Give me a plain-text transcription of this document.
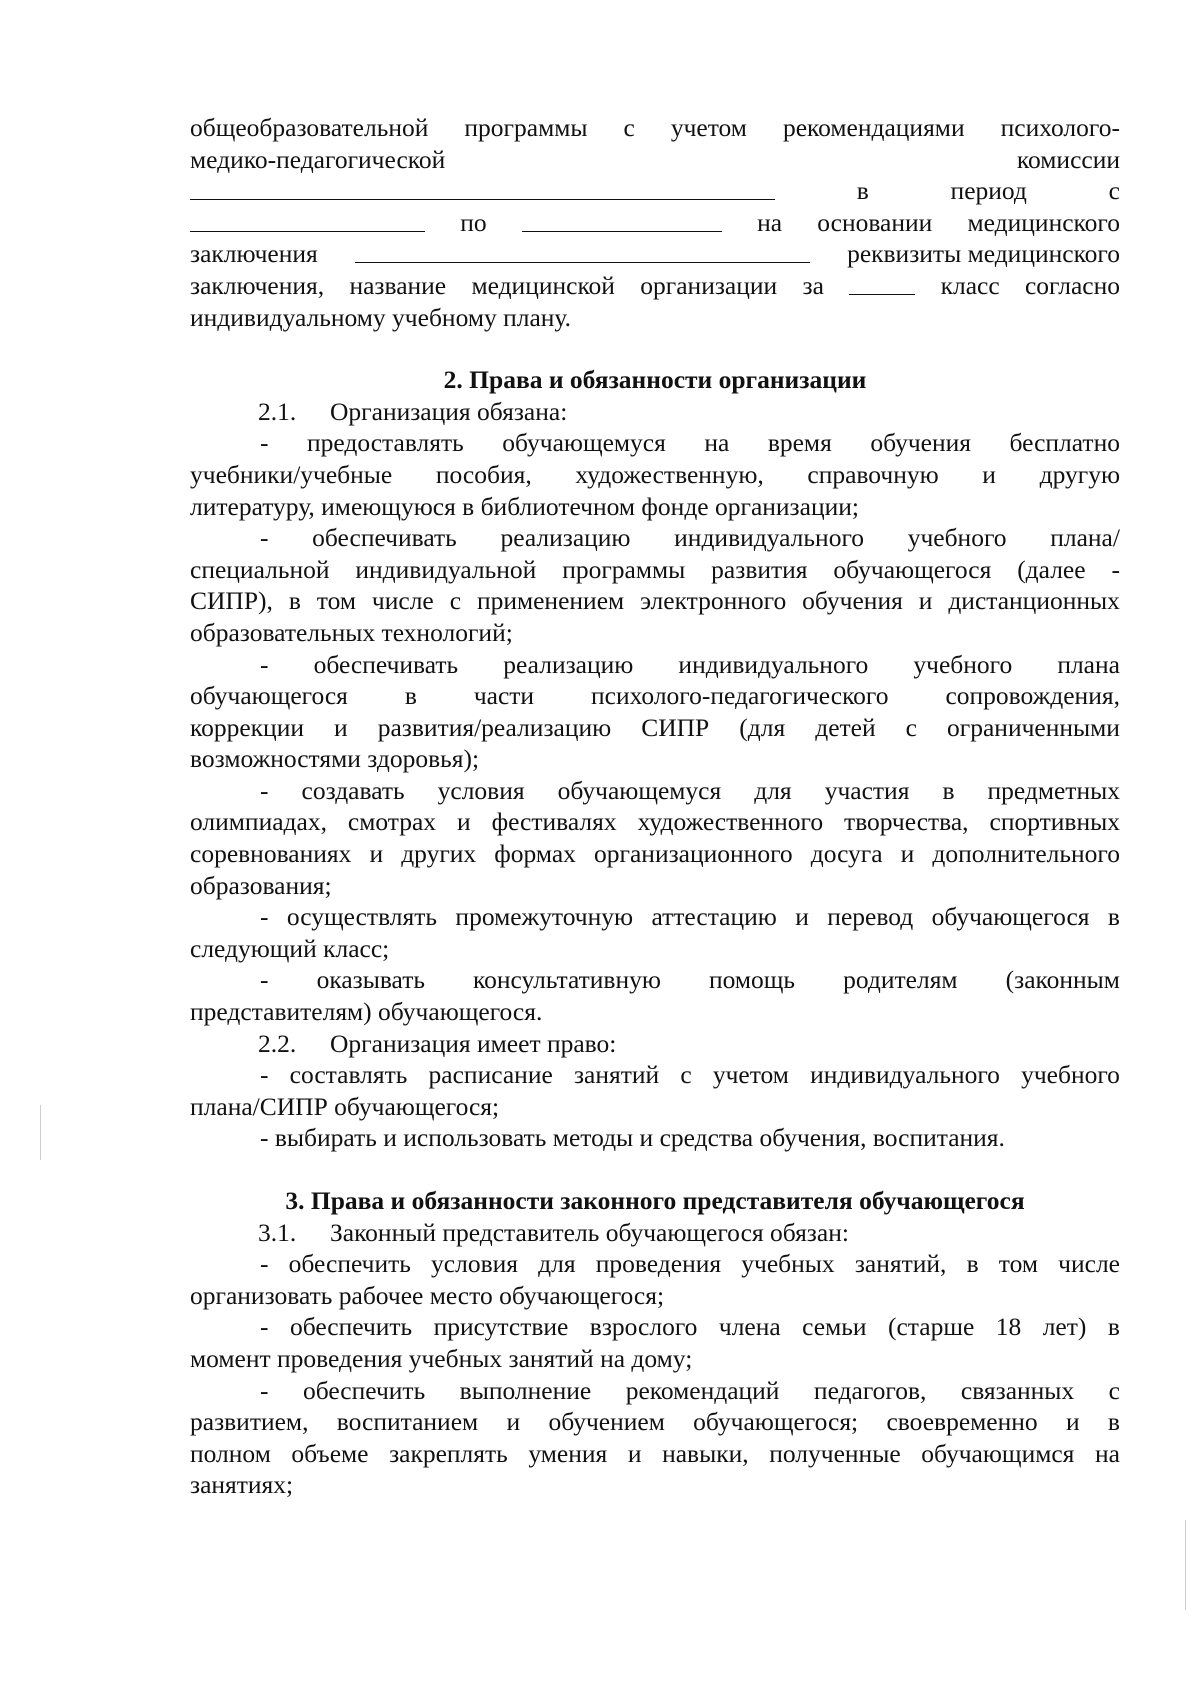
общеобразовательной программы с учетом рекомендациями психолого-
медико-педагогической	комиссии
в	период	с
по	на основании медицинского
заключения	реквизиты медицинского
заключения, название медицинской организации за	класс согласно
индивидуальному учебному плану.
2. Права и обязанности организации
2.1.	Организация обязана:
- предоставлять обучающемуся на время обучения бесплатно
учебники/учебные пособия, художественную, справочную и другую
литературу, имеющуюся в библиотечном фонде организации;
- обеспечивать реализацию индивидуального учебного плана/
специальной индивидуальной программы развития обучающегося (далее -
СИПР), в том числе с применением электронного обучения и дистанционных
образовательных технологий;
- обеспечивать реализацию индивидуального учебного плана
обучающегося в части психолого-педагогического сопровождения,
коррекции и развития/реализацию СИПР (для детей с ограниченными
возможностями здоровья);
- создавать условия обучающемуся для участия в предметных
олимпиадах, смотрах и фестивалях художественного творчества, спортивных
соревнованиях и других формах организационного досуга и дополнительного
образования;
- осуществлять промежуточную аттестацию и перевод обучающегося в
следующий класс;
- оказывать консультативную помощь родителям (законным
представителям) обучающегося.
2.2.	Организация имеет право:
- составлять расписание занятий с учетом индивидуального учебного
плана/СИПР обучающегося;
- выбирать и использовать методы и средства обучения, воспитания.
3. Права и обязанности законного представителя обучающегося
3.1.	Законный представитель обучающегося обязан:
- обеспечить условия для проведения учебных занятий, в том числе
организовать рабочее место обучающегося;
- обеспечить присутствие взрослого члена семьи (старше 18 лет) в
момент проведения учебных занятий на дому;
- обеспечить выполнение рекомендаций педагогов, связанных с
развитием, воспитанием и обучением обучающегося; своевременно и в
полном объеме закреплять умения и навыки, полученные обучающимся на
занятиях;
